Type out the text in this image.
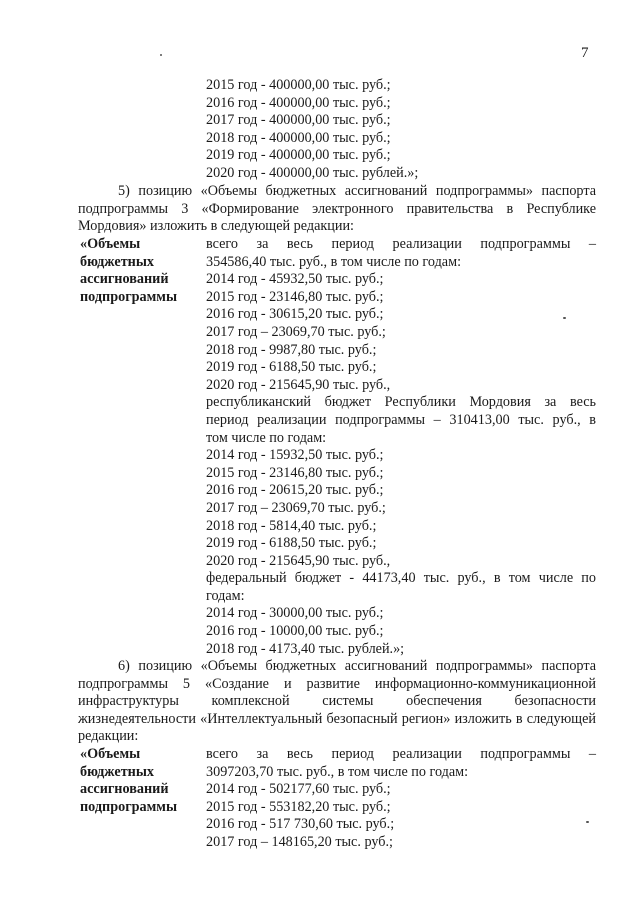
7
2015 год - 400000,00 тыс. руб.;
2016 год - 400000,00 тыс. руб.;
2017 год - 400000,00 тыс. руб.;
2018 год - 400000,00 тыс. руб.;
2019 год - 400000,00 тыс. руб.;
2020 год - 400000,00 тыс. рублей.»;

5) позицию «Объемы бюджетных ассигнований подпрограммы» паспорта подпрограммы 3 «Формирование электронного правительства в Республике Мордовия» изложить в следующей редакции:

«Объемы
бюджетных
ассигнований
подпрограммы
всего за весь период реализации подпрограммы –
354586,40 тыс. руб., в том числе по годам:
2014 год - 45932,50 тыс. руб.;
2015 год - 23146,80 тыс. руб.;
2016 год - 30615,20 тыс. руб.;
2017 год – 23069,70 тыс. руб.;
2018 год - 9987,80 тыс. руб.;
2019 год - 6188,50 тыс. руб.;
2020 год - 215645,90 тыс. руб.,
республиканский бюджет Республики Мордовия за весь
период реализации подпрограммы – 310413,00 тыс. руб., в
том числе по годам:
2014 год - 15932,50 тыс. руб.;
2015 год - 23146,80 тыс. руб.;
2016 год - 20615,20 тыс. руб.;
2017 год – 23069,70 тыс. руб.;
2018 год - 5814,40 тыс. руб.;
2019 год - 6188,50 тыс. руб.;
2020 год - 215645,90 тыс. руб.,
федеральный бюджет - 44173,40 тыс. руб., в том числе по
годам:
2014 год - 30000,00 тыс. руб.;
2016 год - 10000,00 тыс. руб.;
2018 год - 4173,40 тыс. рублей.»;

6) позицию «Объемы бюджетных ассигнований подпрограммы» паспорта подпрограммы 5 «Создание и развитие информационно-коммуникационной инфраструктуры комплексной системы обеспечения безопасности жизнедеятельности «Интеллектуальный безопасный регион» изложить в следующей редакции:

«Объемы
бюджетных
ассигнований
подпрограммы
всего за весь период реализации подпрограммы –
3097203,70 тыс. руб., в том числе по годам:
2014 год - 502177,60 тыс. руб.;
2015 год - 553182,20 тыс. руб.;
2016 год - 517 730,60 тыс. руб.;
2017 год – 148165,20 тыс. руб.;
